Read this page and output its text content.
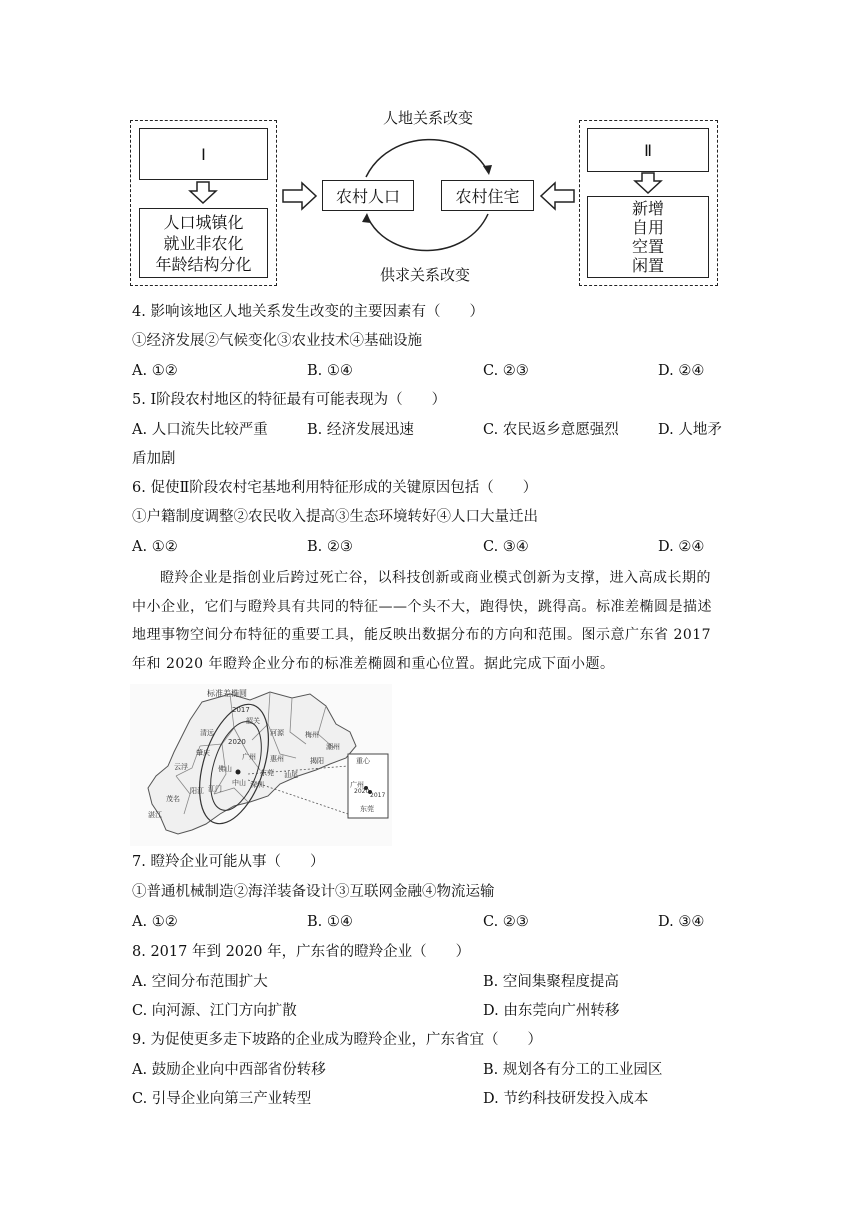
Ⅰ
人口城镇化
就业非农化
年龄结构分化
Ⅱ
新增
自用
空置
闲置
农村人口	农村住宅
人地关系改变
供求关系改变
4. 影响该地区人地关系发生改变的主要因素有（　　）
①经济发展②气候变化③农业技术④基础设施
A. ①②	B. ①④	C. ②③	D. ②④
5. Ⅰ阶段农村地区的特征最有可能表现为（　　）
A. 人口流失比较严重	B. 经济发展迅速	C. 农民返乡意愿强烈	D. 人地矛
盾加剧
6. 促使Ⅱ阶段农村宅基地利用特征形成的关键原因包括（　　）
①户籍制度调整②农民收入提高③生态环境转好④人口大量迁出
A. ①②	B. ②③	C. ③④	D. ②④
瞪羚企业是指创业后跨过死亡谷，以科技创新或商业模式创新为支撑，进入高成长期的中小企业，它们与瞪羚具有共同的特征——个头不大，跑得快，跳得高。标准差椭圆是描述地理事物空间分布特征的重要工具，能反映出数据分布的方向和范围。图示意广东省 2017 年和 2020 年瞪羚企业分布的标准差椭圆和重心位置。据此完成下面小题。
标准差椭圆
2017
2020
清远
韶关
河源	梅州
潮州
揭阳
肇庆	广州 惠州
汕尾
云浮	佛山	东莞
深圳
江门
中山
阳江
茂名
湛江
重心
广州
东莞
2020
2017
7. 瞪羚企业可能从事（　　）
①普通机械制造②海洋装备设计③互联网金融④物流运输
A. ①②	B. ①④	C. ②③	D. ③④
8. 2017 年到 2020 年，广东省的瞪羚企业（　　）
A. 空间分布范围扩大	B. 空间集聚程度提高
C. 向河源、江门方向扩散	D. 由东莞向广州转移
9. 为促使更多走下坡路的企业成为瞪羚企业，广东省宜（　　）
A. 鼓励企业向中西部省份转移	B. 规划各有分工的工业园区
C. 引导企业向第三产业转型	D. 节约科技研发投入成本
